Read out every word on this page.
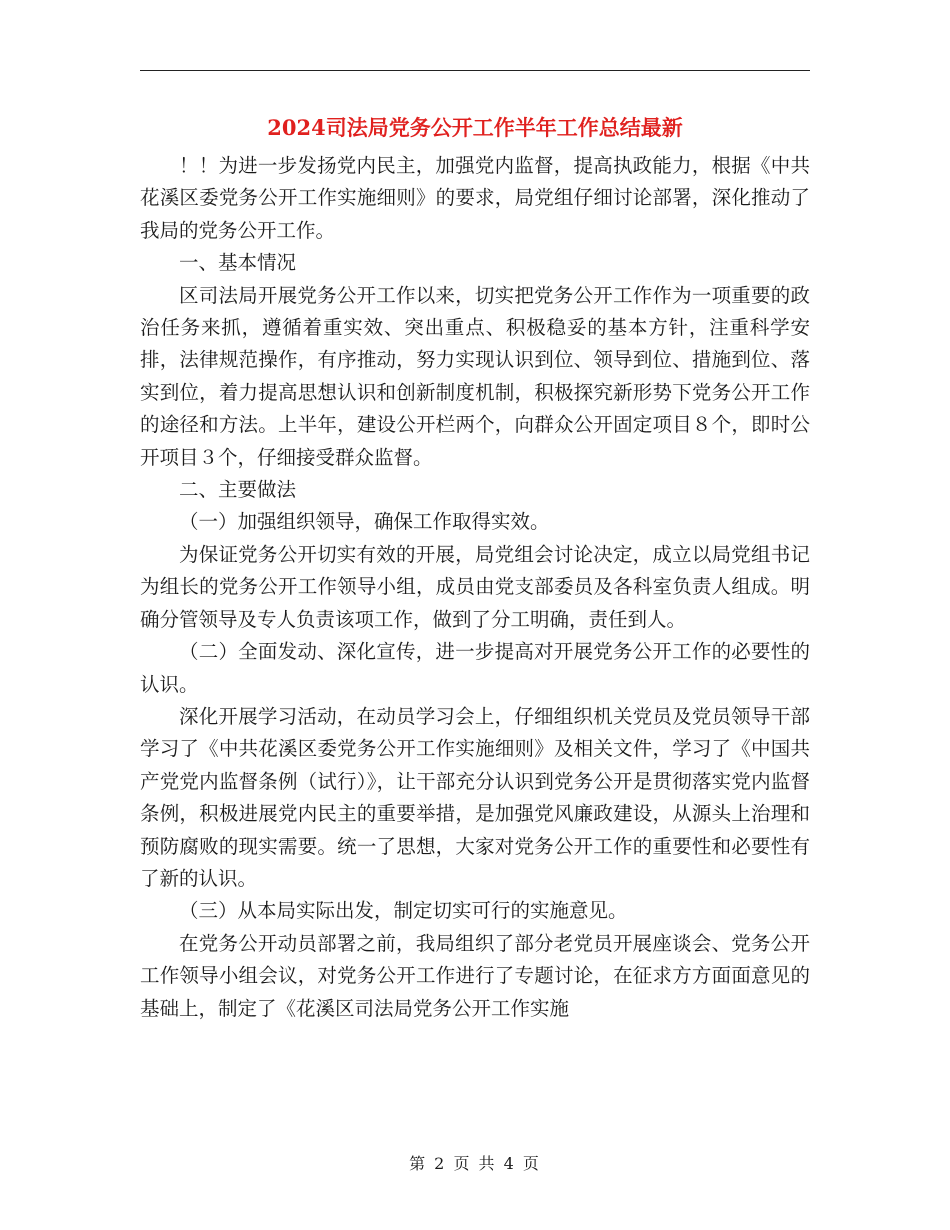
2024司法局党务公开工作半年工作总结最新

！！为进一步发扬党内民主，加强党内监督，提高执政能力，根据《中共花溪区委党务公开工作实施细则》的要求，局党组仔细讨论部署，深化推动了我局的党务公开工作。

一、基本情况

区司法局开展党务公开工作以来，切实把党务公开工作作为一项重要的政治任务来抓，遵循着重实效、突出重点、积极稳妥的基本方针，注重科学安排，法律规范操作，有序推动，努力实现认识到位、领导到位、措施到位、落实到位，着力提高思想认识和创新制度机制，积极探究新形势下党务公开工作的途径和方法。上半年，建设公开栏两个，向群众公开固定项目８个，即时公开项目３个，仔细接受群众监督。

二、主要做法

（一）加强组织领导，确保工作取得实效。

为保证党务公开切实有效的开展，局党组会讨论决定，成立以局党组书记为组长的党务公开工作领导小组，成员由党支部委员及各科室负责人组成。明确分管领导及专人负责该项工作，做到了分工明确，责任到人。

（二）全面发动、深化宣传，进一步提高对开展党务公开工作的必要性的认识。

深化开展学习活动，在动员学习会上，仔细组织机关党员及党员领导干部学习了《中共花溪区委党务公开工作实施细则》及相关文件，学习了《中国共产党党内监督条例（试行）》，让干部充分认识到党务公开是贯彻落实党内监督条例，积极进展党内民主的重要举措，是加强党风廉政建设，从源头上治理和预防腐败的现实需要。统一了思想，大家对党务公开工作的重要性和必要性有了新的认识。

（三）从本局实际出发，制定切实可行的实施意见。

在党务公开动员部署之前，我局组织了部分老党员开展座谈会、党务公开工作领导小组会议，对党务公开工作进行了专题讨论，在征求方方面面意见的基础上，制定了《花溪区司法局党务公开工作实施

第 2 页 共 4 页
